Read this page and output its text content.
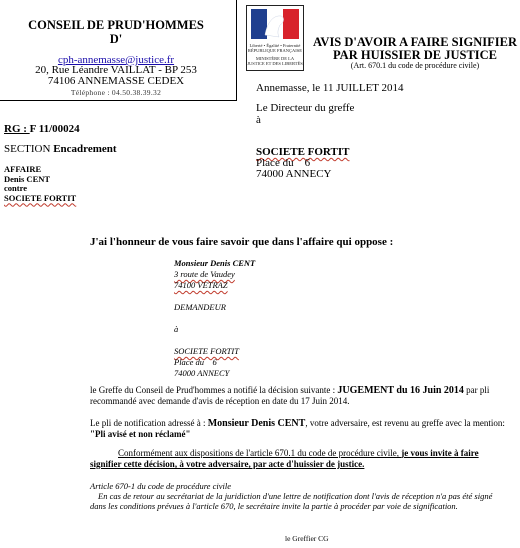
CONSEIL DE PRUD'HOMMES
D'
cph-annemasse@justice.fr
20, Rue Léandre VAILLAT - BP 253
74106 ANNEMASSE CEDEX
Téléphone : 04.50.38.39.32
Liberté • Égalité • Fraternité RÉPUBLIQUE FRANÇAISE
MINISTÈRE DE LA JUSTICE ET DES LIBERTÉS
AVIS D'AVOIR A FAIRE SIGNIFIER
PAR HUISSIER DE JUSTICE
(Art. 670.1 du code de procédure civile)
Annemasse, le 11 JUILLET 2014
Le Directeur du greffe
à
SOCIETE FORTIT
Place du    6
74000 ANNECY
RG : F 11/00024
SECTION Encadrement
AFFAIRE
Denis CENT
contre
SOCIETE FORTIT
J'ai l'honneur de vous faire savoir que dans l'affaire qui oppose :
Monsieur Denis CENT
3 route de Vaudey
74100 VETRAZ
DEMANDEUR
à
SOCIETE FORTIT
Place du    6
74000 ANNECY
le Greffe du Conseil de Prud'hommes a notifié la décision suivante : JUGEMENT du 16 Juin 2014 par pli recommandé avec demande d'avis de réception en date du 17 Juin 2014.
Le pli de notification adressé à : Monsieur Denis CENT, votre adversaire, est revenu au greffe avec la mention: "Pli avisé et non réclamé"
Conformément aux dispositions de l'article 670.1 du code de procédure civile, je vous invite à faire signifier cette décision, à votre adversaire, par acte d'huissier de justice.
Article 670-1 du code de procédure civile
En cas de retour au secrétariat de la juridiction d'une lettre de notification dont l'avis de réception n'a pas été signé dans les conditions prévues à l'article 670, le secrétaire invite la partie à procéder par voie de signification.
le Greffier CG
